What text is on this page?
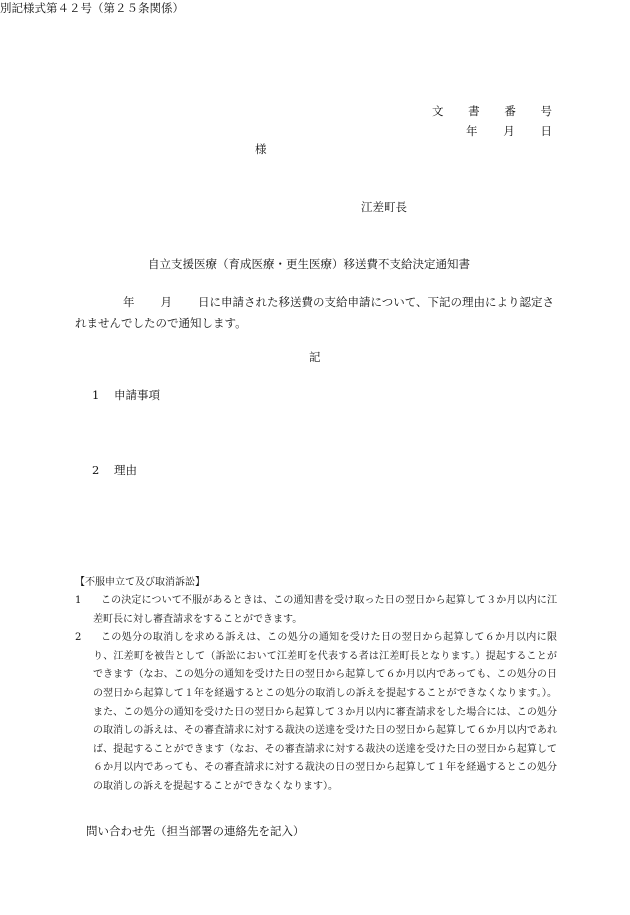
別記様式第４２号（第２５条関係）
文 書 番 号
年 月 日
様
江差町長
自立支援医療（育成医療・更生医療）移送費不支給決定通知書
年 月 日に申請された移送費の支給申請について、下記の理由により認定されませんでしたので通知します。
記
1 申請事項
2 理由
【不服申立て及び取消訴訟】
1	この決定について不服があるときは、この通知書を受け取った日の翌日から起算して３か月以内に江差町長に対し審査請求をすることができます。
2	この処分の取消しを求める訴えは、この処分の通知を受けた日の翌日から起算して６か月以内に限り、江差町を被告として（訴訟において江差町を代表する者は江差町長となります。）提起することができます（なお、この処分の通知を受けた日の翌日から起算して６か月以内であっても、この処分の日の翌日から起算して１年を経過するとこの処分の取消しの訴えを提起することができなくなります。）。また、この処分の通知を受けた日の翌日から起算して３か月以内に審査請求をした場合には、この処分の取消しの訴えは、その審査請求に対する裁決の送達を受けた日の翌日から起算して６か月以内であれば、提起することができます（なお、その審査請求に対する裁決の送達を受けた日の翌日から起算して６か月以内であっても、その審査請求に対する裁決の日の翌日から起算して１年を経過するとこの処分の取消しの訴えを提起することができなくなります）。
問い合わせ先（担当部署の連絡先を記入）
